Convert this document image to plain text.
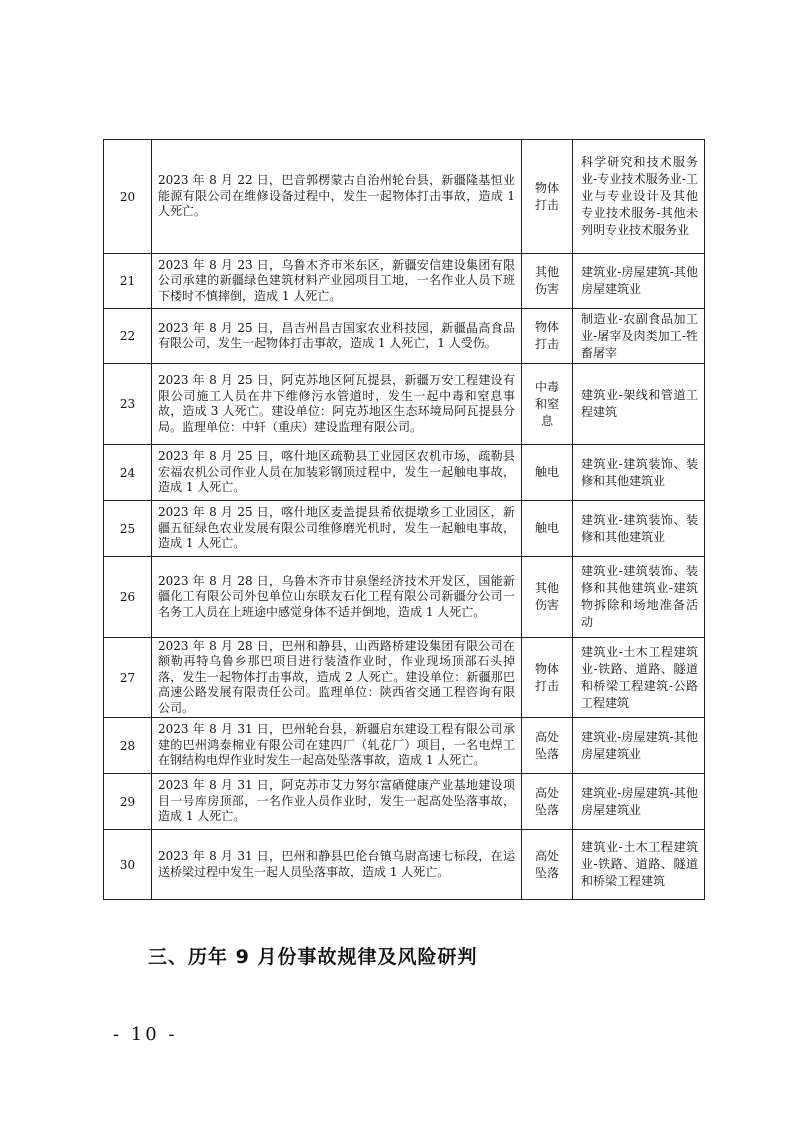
20	2023 年 8 月 22 日，巴音郭楞蒙古自治州轮台县，新疆隆基恒业能源有限公司在维修设备过程中，发生一起物体打击事故，造成 1 人死亡。	物体打击	科学研究和技术服务业-专业技术服务业-工业与专业设计及其他专业技术服务-其他未列明专业技术服务业

21	2023 年 8 月 23 日，乌鲁木齐市米东区，新疆安信建设集团有限公司承建的新疆绿色建筑材料产业园项目工地，一名作业人员下班下楼时不慎摔倒，造成 1 人死亡。	其他伤害	建筑业-房屋建筑-其他房屋建筑业

22	2023 年 8 月 25 日，昌吉州昌吉国家农业科技园，新疆晶高食品有限公司，发生一起物体打击事故，造成 1 人死亡，1 人受伤。	物体打击	制造业-农副食品加工业-屠宰及肉类加工-牲畜屠宰

23	2023 年 8 月 25 日，阿克苏地区阿瓦提县，新疆万安工程建设有限公司施工人员在井下维修污水管道时，发生一起中毒和窒息事故，造成 3 人死亡。建设单位：阿克苏地区生态环境局阿瓦提县分局。监理单位：中轩（重庆）建设监理有限公司。	中毒和窒息	建筑业-架线和管道工程建筑

24	2023 年 8 月 25 日，喀什地区疏勒县工业园区农机市场，疏勒县宏福农机公司作业人员在加装彩钢顶过程中，发生一起触电事故，造成 1 人死亡。	触电	建筑业-建筑装饰、装修和其他建筑业

25	2023 年 8 月 25 日，喀什地区麦盖提县希依提墩乡工业园区，新疆五征绿色农业发展有限公司维修磨光机时，发生一起触电事故，造成 1 人死亡。	触电	建筑业-建筑装饰、装修和其他建筑业

26	2023 年 8 月 28 日，乌鲁木齐市甘泉堡经济技术开发区，国能新疆化工有限公司外包单位山东联友石化工程有限公司新疆分公司一名务工人员在上班途中感觉身体不适并倒地，造成 1 人死亡。	其他伤害	建筑业-建筑装饰、装修和其他建筑业-建筑物拆除和场地准备活动

27	2023 年 8 月 28 日，巴州和静县，山西路桥建设集团有限公司在额勒再特乌鲁乡那巴项目进行装渣作业时，作业现场顶部石头掉落，发生一起物体打击事故，造成 2 人死亡。建设单位：新疆那巴高速公路发展有限责任公司。监理单位：陕西省交通工程咨询有限公司。	物体打击	建筑业-土木工程建筑业-铁路、道路、隧道和桥梁工程建筑-公路工程建筑

28	2023 年 8 月 31 日，巴州轮台县，新疆启东建设工程有限公司承建的巴州鸿泰棉业有限公司在建四厂（轧花厂）项目，一名电焊工在钢结构电焊作业时发生一起高处坠落事故，造成 1 人死亡。	高处坠落	建筑业-房屋建筑-其他房屋建筑业

29	2023 年 8 月 31 日，阿克苏市艾力努尔富硒健康产业基地建设项目一号库房顶部，一名作业人员作业时，发生一起高处坠落事故，造成 1 人死亡。	高处坠落	建筑业-房屋建筑-其他房屋建筑业

30	2023 年 8 月 31 日，巴州和静县巴伦台镇乌尉高速七标段，在运送桥梁过程中发生一起人员坠落事故，造成 1 人死亡。	高处坠落	建筑业-土木工程建筑业-铁路、道路、隧道和桥梁工程建筑
三、历年 9 月份事故规律及风险研判
- 10 -
